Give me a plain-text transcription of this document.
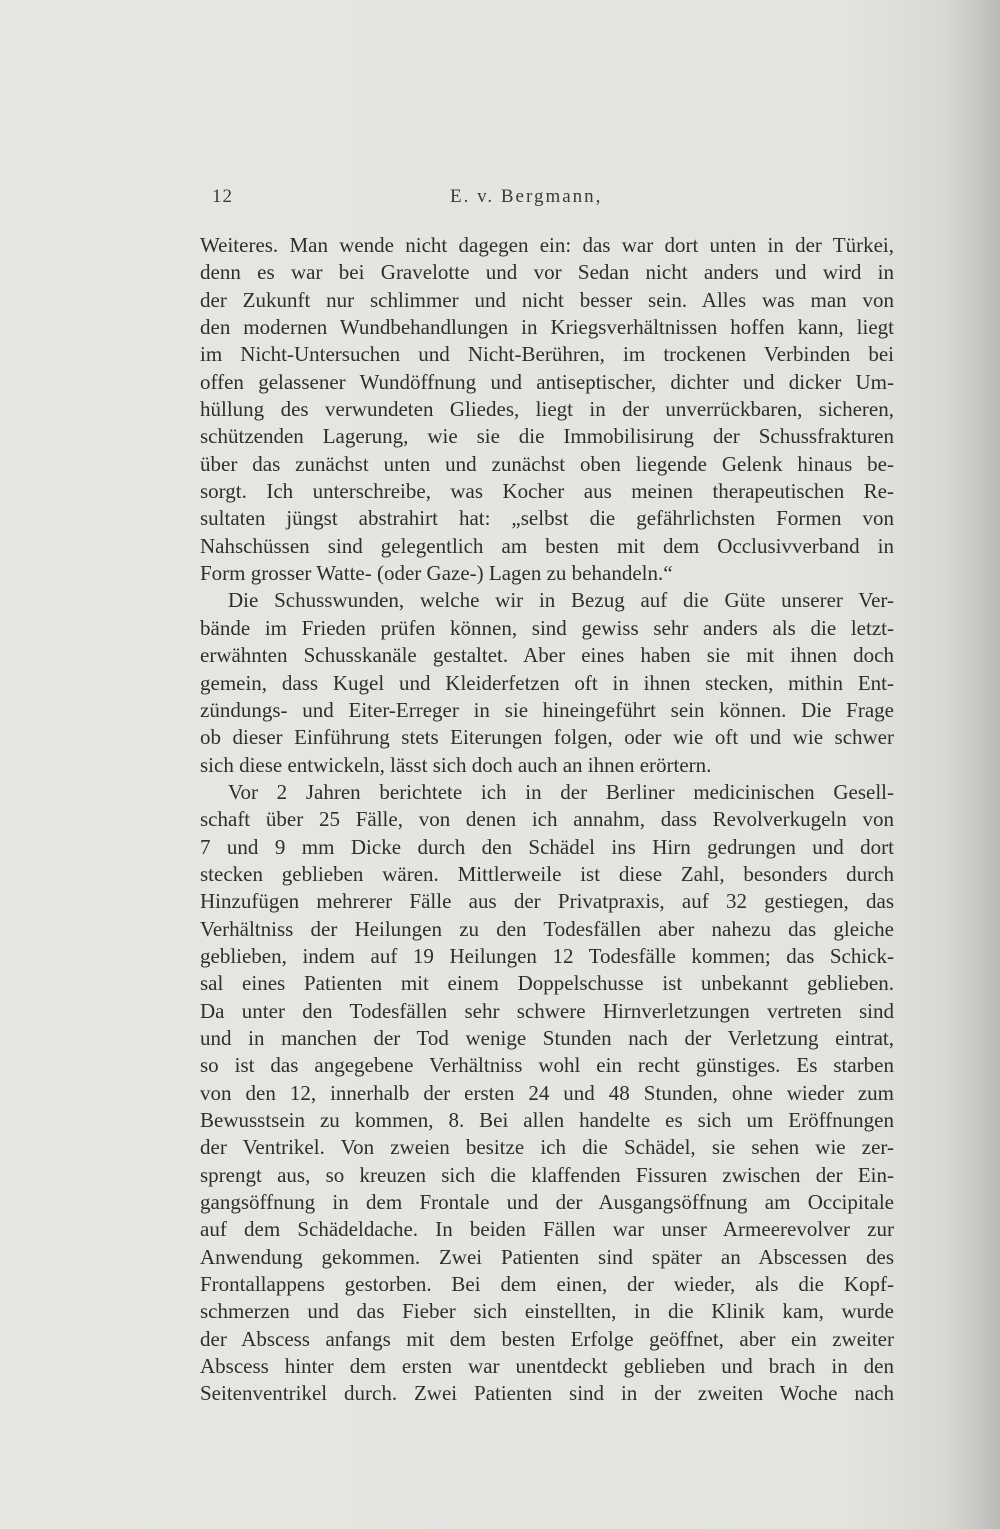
12	E. v. Bergmann,
Weiteres. Man wende nicht dagegen ein: das war dort unten in der Türkei,
denn es war bei Gravelotte und vor Sedan nicht anders und wird in
der Zukunft nur schlimmer und nicht besser sein. Alles was man von
den modernen Wundbehandlungen in Kriegsverhältnissen hoffen kann, liegt
im Nicht-Untersuchen und Nicht-Berühren, im trockenen Verbinden bei
offen gelassener Wundöffnung und antiseptischer, dichter und dicker Um-
hüllung des verwundeten Gliedes, liegt in der unverrückbaren, sicheren,
schützenden Lagerung, wie sie die Immobilisirung der Schussfrakturen
über das zunächst unten und zunächst oben liegende Gelenk hinaus be-
sorgt. Ich unterschreibe, was Kocher aus meinen therapeutischen Re-
sultaten jüngst abstrahirt hat: „selbst die gefährlichsten Formen von
Nahschüssen sind gelegentlich am besten mit dem Occlusivverband in
Form grosser Watte- (oder Gaze-) Lagen zu behandeln.“
Die Schusswunden, welche wir in Bezug auf die Güte unserer Ver-
bände im Frieden prüfen können, sind gewiss sehr anders als die letzt-
erwähnten Schusskanäle gestaltet. Aber eines haben sie mit ihnen doch
gemein, dass Kugel und Kleiderfetzen oft in ihnen stecken, mithin Ent-
zündungs- und Eiter-Erreger in sie hineingeführt sein können. Die Frage
ob dieser Einführung stets Eiterungen folgen, oder wie oft und wie schwer
sich diese entwickeln, lässt sich doch auch an ihnen erörtern.
Vor 2 Jahren berichtete ich in der Berliner medicinischen Gesell-
schaft über 25 Fälle, von denen ich annahm, dass Revolverkugeln von
7 und 9 mm Dicke durch den Schädel ins Hirn gedrungen und dort
stecken geblieben wären. Mittlerweile ist diese Zahl, besonders durch
Hinzufügen mehrerer Fälle aus der Privatpraxis, auf 32 gestiegen, das
Verhältniss der Heilungen zu den Todesfällen aber nahezu das gleiche
geblieben, indem auf 19 Heilungen 12 Todesfälle kommen; das Schick-
sal eines Patienten mit einem Doppelschusse ist unbekannt geblieben.
Da unter den Todesfällen sehr schwere Hirnverletzungen vertreten sind
und in manchen der Tod wenige Stunden nach der Verletzung eintrat,
so ist das angegebene Verhältniss wohl ein recht günstiges. Es starben
von den 12, innerhalb der ersten 24 und 48 Stunden, ohne wieder zum
Bewusstsein zu kommen, 8. Bei allen handelte es sich um Eröffnungen
der Ventrikel. Von zweien besitze ich die Schädel, sie sehen wie zer-
sprengt aus, so kreuzen sich die klaffenden Fissuren zwischen der Ein-
gangsöffnung in dem Frontale und der Ausgangsöffnung am Occipitale
auf dem Schädeldache. In beiden Fällen war unser Armeerevolver zur
Anwendung gekommen. Zwei Patienten sind später an Abscessen des
Frontallappens gestorben. Bei dem einen, der wieder, als die Kopf-
schmerzen und das Fieber sich einstellten, in die Klinik kam, wurde
der Abscess anfangs mit dem besten Erfolge geöffnet, aber ein zweiter
Abscess hinter dem ersten war unentdeckt geblieben und brach in den
Seitenventrikel durch. Zwei Patienten sind in der zweiten Woche nach
